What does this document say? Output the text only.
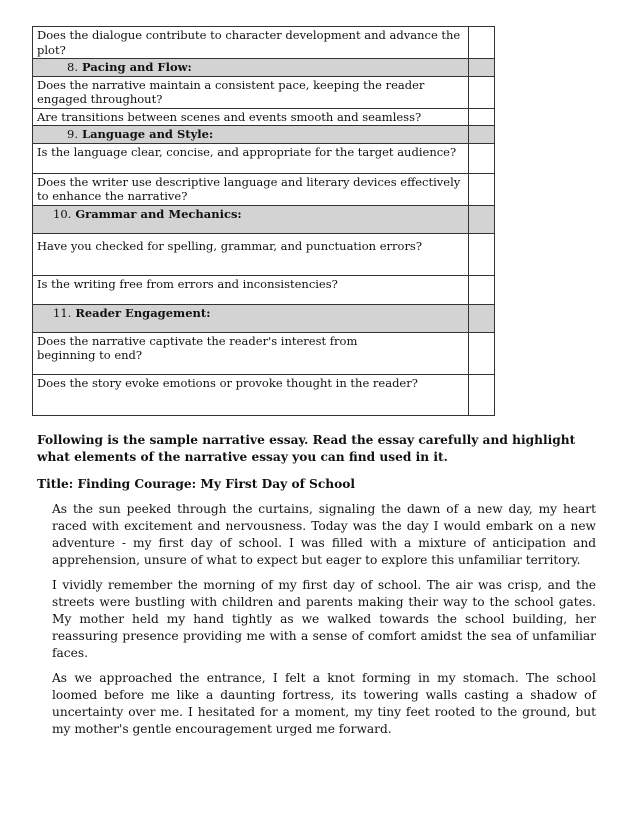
Does the dialogue contribute to character development and advance the plot?	
8. Pacing and Flow:	
Does the narrative maintain a consistent pace, keeping the reader engaged throughout?	
Are transitions between scenes and events smooth and seamless?	
9. Language and Style:	
Is the language clear, concise, and appropriate for the target audience?	
Does the writer use descriptive language and literary devices effectively to enhance the narrative?	
10. Grammar and Mechanics:	
Have you checked for spelling, grammar, and punctuation errors?	
Is the writing free from errors and inconsistencies?	
11. Reader Engagement:	
Does the narrative captivate the reader's interest from beginning to end?	
Does the story evoke emotions or provoke thought in the reader?	

Following is the sample narrative essay. Read the essay carefully and highlight what elements of the narrative essay you can find used in it.

Title: Finding Courage: My First Day of School

As the sun peeked through the curtains, signaling the dawn of a new day, my heart raced with excitement and nervousness. Today was the day I would embark on a new adventure - my first day of school. I was filled with a mixture of anticipation and apprehension, unsure of what to expect but eager to explore this unfamiliar territory.

I vividly remember the morning of my first day of school. The air was crisp, and the streets were bustling with children and parents making their way to the school gates. My mother held my hand tightly as we walked towards the school building, her reassuring presence providing me with a sense of comfort amidst the sea of unfamiliar faces.

As we approached the entrance, I felt a knot forming in my stomach. The school loomed before me like a daunting fortress, its towering walls casting a shadow of uncertainty over me. I hesitated for a moment, my tiny feet rooted to the ground, but my mother's gentle encouragement urged me forward.
